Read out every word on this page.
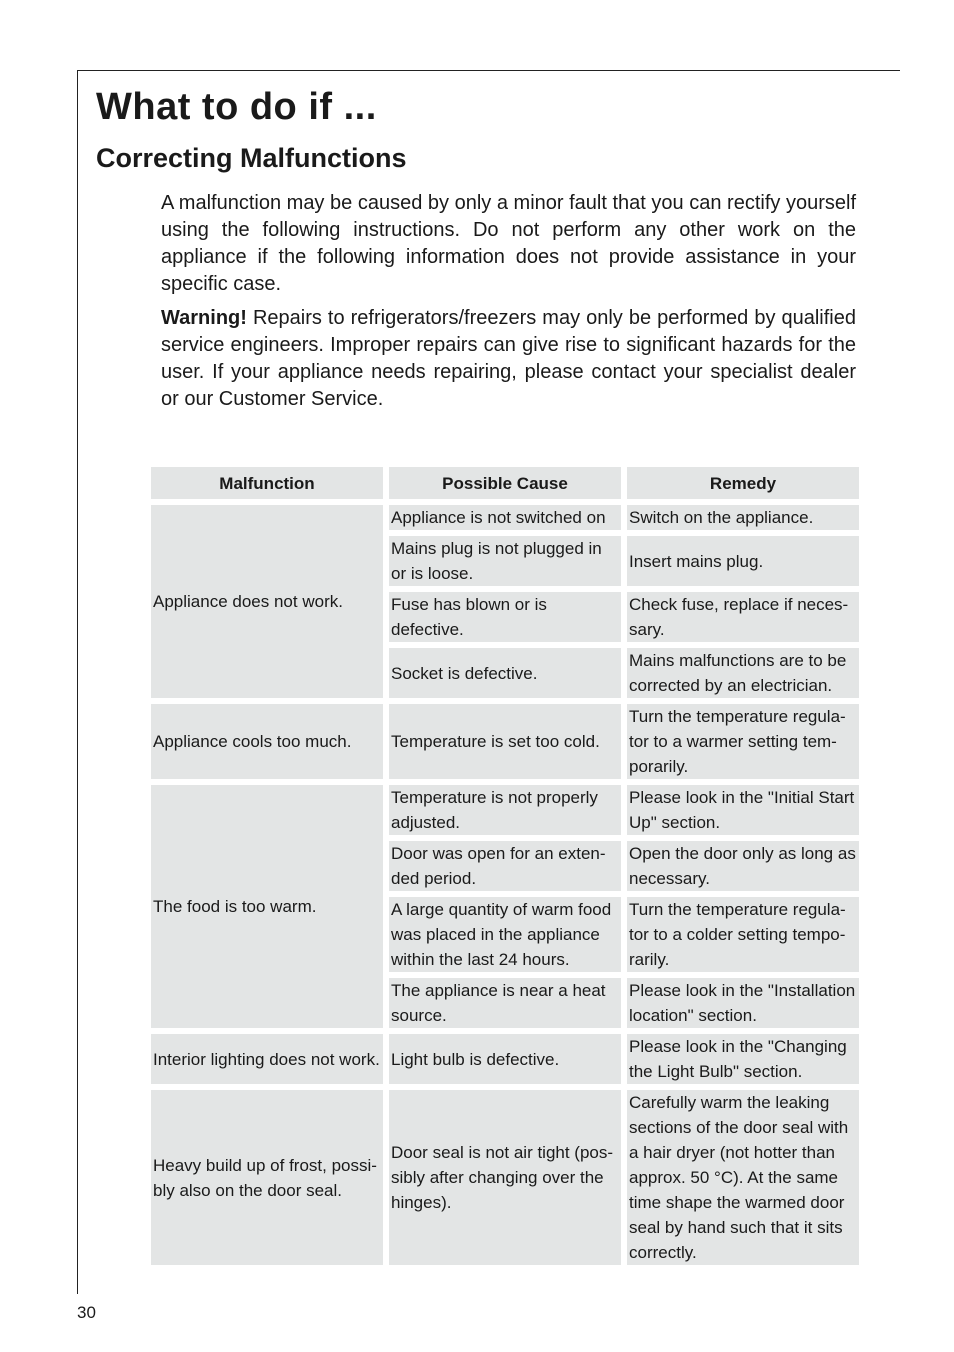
What to do if ...
Correcting Malfunctions

A malfunction may be caused by only a minor fault that you can rectify yourself using the following instructions. Do not perform any other work on the appliance if the following information does not provide assistance in your specific case.

Warning! Repairs to refrigerators/freezers may only be performed by qualified service engineers. Improper repairs can give rise to significant hazards for the user. If your appliance needs repairing, please contact your specialist dealer or our Customer Service.

Malfunction	Possible Cause	Remedy
Appliance does not work.	Appliance is not switched on	Switch on the appliance.
	Mains plug is not plugged in or is loose.	Insert mains plug.
	Fuse has blown or is defective.	Check fuse, replace if neces-sary.
	Socket is defective.	Mains malfunctions are to be corrected by an electrician.
Appliance cools too much.	Temperature is set too cold.	Turn the temperature regula-tor to a warmer setting tem-porarily.
The food is too warm.	Temperature is not properly adjusted.	Please look in the "Initial Start Up" section.
	Door was open for an exten-ded period.	Open the door only as long as necessary.
	A large quantity of warm food was placed in the appliance within the last 24 hours.	Turn the temperature regula-tor to a colder setting tempo-rarily.
	The appliance is near a heat source.	Please look in the "Installation location" section.
Interior lighting does not work.	Light bulb is defective.	Please look in the "Changing the Light Bulb" section.
Heavy build up of frost, possi-bly also on the door seal.	Door seal is not air tight (pos-sibly after changing over the hinges).	Carefully warm the leaking sections of the door seal with a hair dryer (not hotter than approx. 50 °C). At the same time shape the warmed door seal by hand such that it sits correctly.
30
